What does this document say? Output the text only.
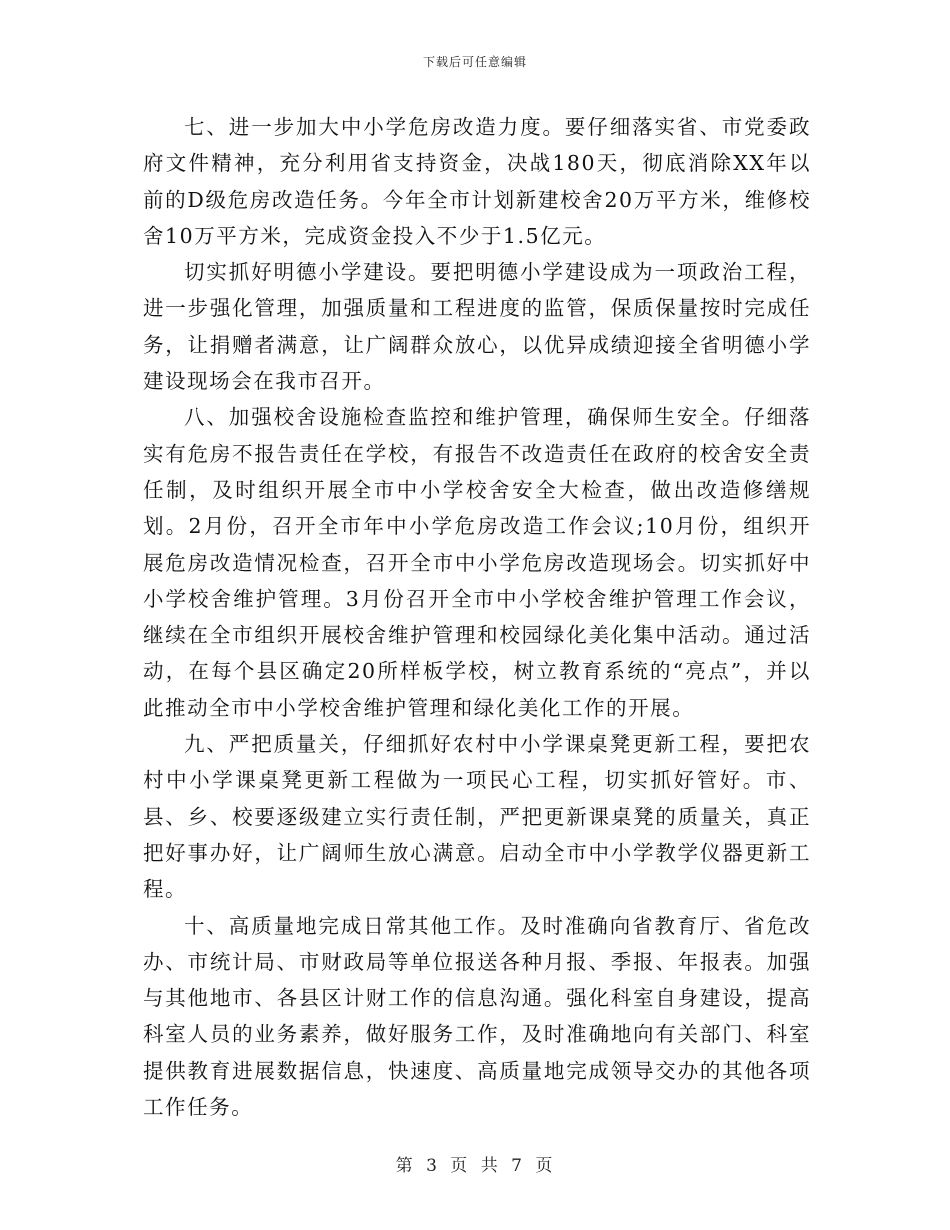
下载后可任意编辑

七、进一步加大中小学危房改造力度。要仔细落实省、市党委政府文件精神，充分利用省支持资金，决战180天，彻底消除XX年以前的D级危房改造任务。今年全市计划新建校舍20万平方米，维修校舍10万平方米，完成资金投入不少于1.5亿元。

切实抓好明德小学建设。要把明德小学建设成为一项政治工程，进一步强化管理，加强质量和工程进度的监管，保质保量按时完成任务，让捐赠者满意，让广阔群众放心，以优异成绩迎接全省明德小学建设现场会在我市召开。

八、加强校舍设施检查监控和维护管理，确保师生安全。仔细落实有危房不报告责任在学校，有报告不改造责任在政府的校舍安全责任制，及时组织开展全市中小学校舍安全大检查，做出改造修缮规划。2月份，召开全市年中小学危房改造工作会议;10月份，组织开展危房改造情况检查，召开全市中小学危房改造现场会。切实抓好中小学校舍维护管理。3月份召开全市中小学校舍维护管理工作会议，继续在全市组织开展校舍维护管理和校园绿化美化集中活动。通过活动，在每个县区确定20所样板学校，树立教育系统的“亮点”，并以此推动全市中小学校舍维护管理和绿化美化工作的开展。

九、严把质量关，仔细抓好农村中小学课桌凳更新工程，要把农村中小学课桌凳更新工程做为一项民心工程，切实抓好管好。市、县、乡、校要逐级建立实行责任制，严把更新课桌凳的质量关，真正把好事办好，让广阔师生放心满意。启动全市中小学教学仪器更新工程。

十、高质量地完成日常其他工作。及时准确向省教育厅、省危改办、市统计局、市财政局等单位报送各种月报、季报、年报表。加强与其他地市、各县区计财工作的信息沟通。强化科室自身建设，提高科室人员的业务素养，做好服务工作，及时准确地向有关部门、科室提供教育进展数据信息，快速度、高质量地完成领导交办的其他各项工作任务。

第 3 页 共 7 页
